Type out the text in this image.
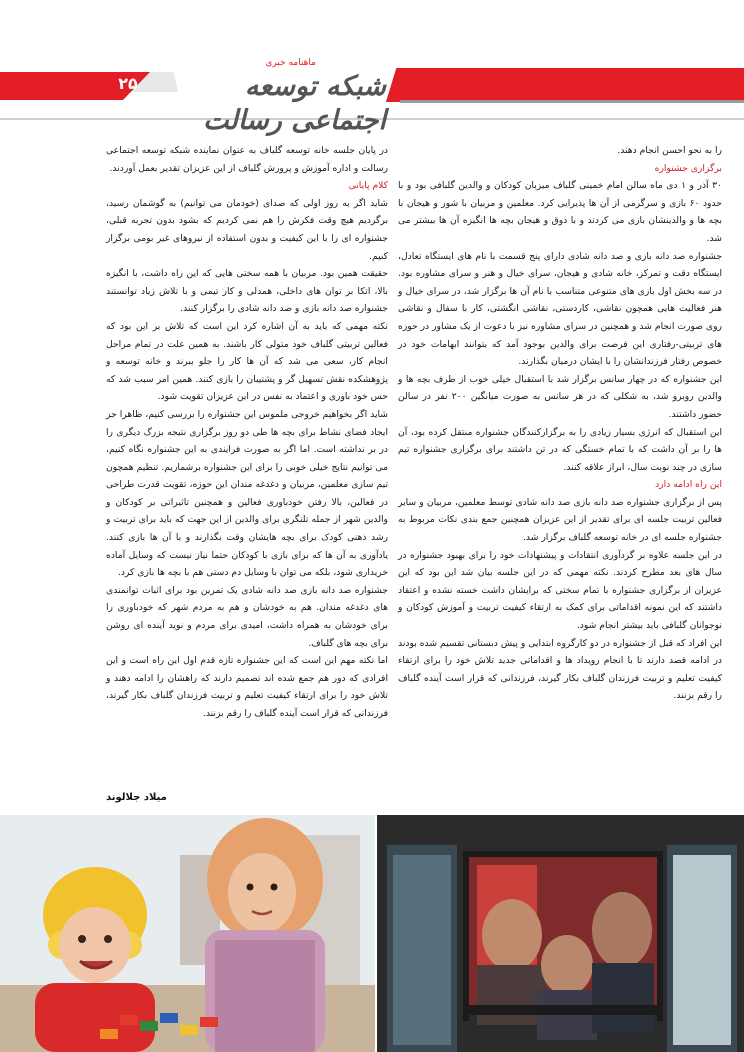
۲۵
ماهنامه خبری
شبکه توسعه اجتماعی رسالت

را به نحو احسن انجام دهند.

برگزاری جشنواره

۳۰ آذر و ۱ دی ماه سالن امام خمینی گلباف میزبان کودکان و والدین گلبافی بود و با حدود ۶۰ بازی و سرگرمی از آن ها پذیرایی کرد. معلمین و مربیان با شور و هیجان با بچه ها و والدینشان بازی می کردند و با ذوق و هیجان بچه ها انگیزه آن ها بیشتر می شد.

جشنواره صد دانه بازی و صد دانه شادی دارای پنج قسمت با نام های ایستگاه تعادل، ایستگاه دقت و تمرکز، خانه شادی و هیجان، سرای خیال و هنر و سرای مشاوره بود. در سه بخش اول بازی های متنوعی متناسب با نام آن ها برگزار شد، در سرای خیال و هنر فعالیت هایی همچون نقاشی، کاردستی، نقاشی انگشتی، کار با سفال و نقاشی روی صورت انجام شد و همچنین در سرای مشاوره نیز با دعوت از یک مشاور در حوزه های تربیتی-رفتاری این فرصت برای والدین بوجود آمد که بتوانند ابهامات خود در خصوص رفتار فرزندانشان را با ایشان درمیان بگذارند.

این جشنواره که در چهار سانس برگزار شد با استقبال خیلی خوب از طرف بچه ها و والدین روبرو شد، به شکلی که در هر سانس به صورت میانگین ۲۰۰ نفر در سالن حضور داشتند.

این استقبال که انرژی بسیار زیادی را به برگزارکنندگان جشنواره منتقل کرده بود، آن ها را بر آن داشت که با تمام خستگی که در تن داشتند برای برگزاری جشنواره تیم سازی در چند نوبت سال، ابراز علاقه کنند.

این راه ادامه دارد

پس از برگزاری جشنواره صد دانه بازی صد دانه شادی توسط معلمین، مربیان و سایر فعالین تربیت جلسه ای برای تقدیر از این عزیزان همچنین جمع بندی نکات مربوط به جشنواره جلسه ای در خانه توسعه گلباف برگزار شد.

در این جلسه علاوه بر گردآوری انتقادات و پیشنهادات خود را برای بهبود جشنواره در سال های بعد مطرح کردند. نکته مهمی که در این جلسه بیان شد این بود که این عزیزان از برگزاری جشنواره با تمام سختی که برایشان داشت خسته نشده و اعتقاد داشتند که این نمونه اقداماتی برای کمک به ارتقاء کیفیت تربیت و آموزش کودکان و نوجوانان گلبافی باید بیشتر انجام شود.

این افراد که قبل از جشنواره در دو کارگروه ابتدایی و پیش دبستانی تقسیم شده بودند در ادامه قصد دارند تا با انجام رویداد ها و اقداماتی جدید تلاش خود را برای ارتقاء کیفیت تعلیم و تربیت فرزندان گلباف بکار گیرند، فرزندانی که قرار است آینده گلباف را رقم بزنند.

در پایان جلسه خانه توسعه گلباف به عنوان نماینده شبکه توسعه اجتماعی رسالت و اداره آموزش و پرورش گلباف از این عزیزان تقدیر بعمل آوردند.

کلام پایانی

شاید اگر به روز اولی که صدای (خودمان می توانیم) به گوشمان رسید، برگردیم هیچ وقت فکرش را هم نمی کردیم که بشود بدون تجربه قبلی، جشنواره ای را با این کیفیت و بدون استفاده از نیروهای غیر بومی برگزار کنیم.

حقیقت همین بود. مربیان با همه سختی هایی که این راه داشت، با انگیزه بالا، اتکا بر توان های داخلی، همدلی و کار تیمی و با تلاش زیاد توانستند جشنواره صد دانه بازی و صد دانه شادی را برگزار کنند.

نکته مهمی که باید به آن اشاره کرد این است که تلاش بر این بود که فعالین تربیتی گلباف خود متولی کار باشند. به همین علت در تمام مراحل انجام کار، سعی می شد که آن ها کار را جلو ببرند و خانه توسعه و پژوهشکده نقش تسهیل گر و پشتیبان را بازی کنند. همین امر سبب شد که حس خود باوری و اعتماد به نفس در این عزیزان تقویت شود.

شاید اگر بخواهیم خروجی ملموس این جشنواره را بررسی کنیم، ظاهرا جز ایجاد فضای نشاط برای بچه ها طی دو روز برگزاری نتیجه بزرگ دیگری را در بر نداشته است. اما اگر به صورت فرایندی به این جشنواره نگاه کنیم، می توانیم نتایج خیلی خوبی را برای این جشنواره برشماریم. تنظیم همچون تیم سازی معلمین، مربیان و دغدغه مندان این حوزه، تقویت قدرت طراحی در فعالین، بالا رفتن خودباوری فعالین و همچنین تاثیراتی بر کودکان و والدین شهر از جمله تلنگری برای والدین از این جهت که باید برای تربیت و رشد ذهنی کودک برای بچه هایشان وقت بگذارند و با آن ها بازی کنند. یادآوری به آن ها که برای بازی با کودکان حتما نیاز نیست که وسایل آماده خریداری شود، بلکه می توان با وسایل دم دستی هم با بچه ها بازی کرد.

جشنواره صد دانه بازی صد دانه شادی یک تمرین بود برای اثبات توانمندی های دغدغه مندان. هم به خودشان و هم به مردم شهر که خودباوری را برای خودشان به همراه داشت، امیدی برای مردم و نوید آینده ای روشن برای بچه های گلباف.

اما نکته مهم این است که این جشنواره تازه قدم اول این راه است و این افرادی که دور هم جمع شده اند تصمیم دارند که راهشان را ادامه دهند و تلاش خود را برای ارتقاء کیفیت تعلیم و تربیت فرزندان گلباف بکار گیرند، فرزندانی که قرار است آینده گلباف را رقم بزنند.

میلاد جلالوند
